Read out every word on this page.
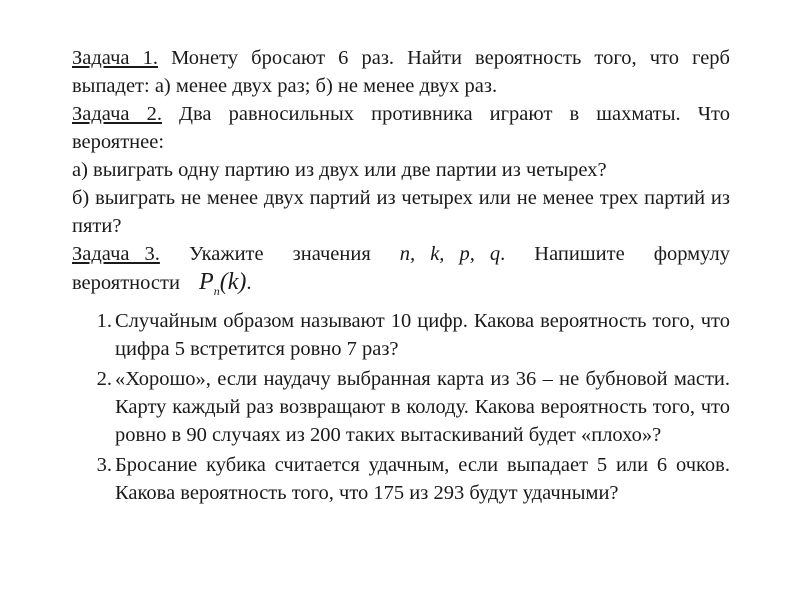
Задача 1. Монету бросают 6 раз. Найти вероятность того, что герб выпадет: а) менее двух раз; б) не менее двух раз.

Задача 2. Два равносильных противника играют в шахматы. Что вероятнее:

а) выиграть одну партию из двух или две партии из четырех?

б) выиграть не менее двух партий из четырех или не менее трех партий из пяти?

Задача 3. Укажите значения n, k, p, q. Напишите формулу вероятности $P_n(k)$.

1. Случайным образом называют 10 цифр. Какова вероятность того, что цифра 5 встретится ровно 7 раз?
2. «Хорошо», если наудачу выбранная карта из 36 – не бубновой масти. Карту каждый раз возвращают в колоду. Какова вероятность того, что ровно в 90 случаях из 200 таких вытаскиваний будет «плохо»?
3. Бросание кубика считается удачным, если выпадает 5 или 6 очков. Какова вероятность того, что 175 из 293 будут удачными?
